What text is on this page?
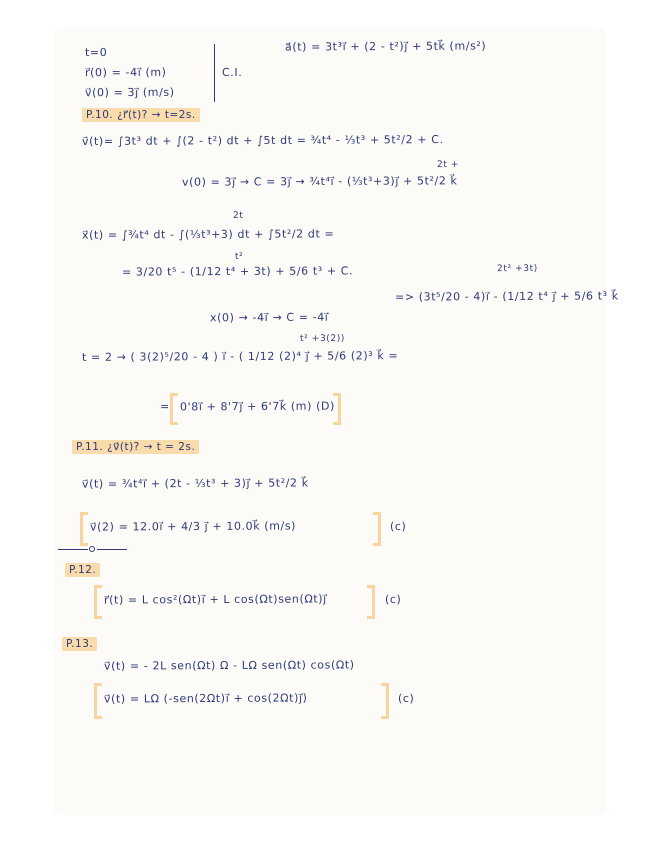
t=0
r⃗(0) = -4ı⃗ (m)
v⃗(0) = 3ȷ⃗ (m/s)
C.I.
a⃗(t) = 3t³ı⃗ + (2 - t²)ȷ⃗ + 5tk⃗ (m/s²)
P.10. ¿r⃗(t)? → t=2s.
v⃗(t)= ∫3t³ dt + ∫(2 - t²) dt + ∫5t dt = ¾t⁴ - ⅓t³ + 5t²/2 + C.
2t +
v(0) = 3ȷ⃗ → C = 3ȷ⃗ → ¾t⁴ı⃗ - (⅓t³+3)ȷ⃗ + 5t²/2 k⃗
2t
x⃗(t) = ∫¾t⁴ dt - ∫(⅓t³+3) dt + ∫5t²/2 dt =
t²
= 3/20 t⁵ - (1/12 t⁴ + 3t) + 5/6 t³ + C.	2t² +3t)
=> (3t⁵/20 - 4)ı⃗ - (1/12 t⁴ ȷ⃗ + 5/6 t³ k⃗
x(0) → -4ı⃗ → C = -4ı⃗
t² +3(2))
t = 2 → ( 3(2)⁵/20 - 4 ) ı⃗ - ( 1/12 (2)⁴ ȷ⃗ + 5/6 (2)³ k⃗ =
= 0'8ı⃗ + 8'7ȷ⃗ + 6'7k⃗ (m) (D)
P.11. ¿v⃗(t)? → t = 2s.
v⃗(t) = ¾t⁴ı⃗ + (2t - ⅓t³ + 3)ȷ⃗ + 5t²/2 k⃗
v⃗(2) = 12.0ı⃗ + 4/3 ȷ⃗ + 10.0k⃗ (m/s)	(c)
P.12.
r⃗(t) = L cos²(Ωt)ı⃗ + L cos(Ωt)sen(Ωt)ȷ⃗	(c)
P.13.
v⃗(t) = - 2L sen(Ωt) Ω - LΩ sen(Ωt) cos(Ωt)
v⃗(t) = LΩ (-sen(2Ωt)ı⃗ + cos(2Ωt)ȷ⃗)	(c)
